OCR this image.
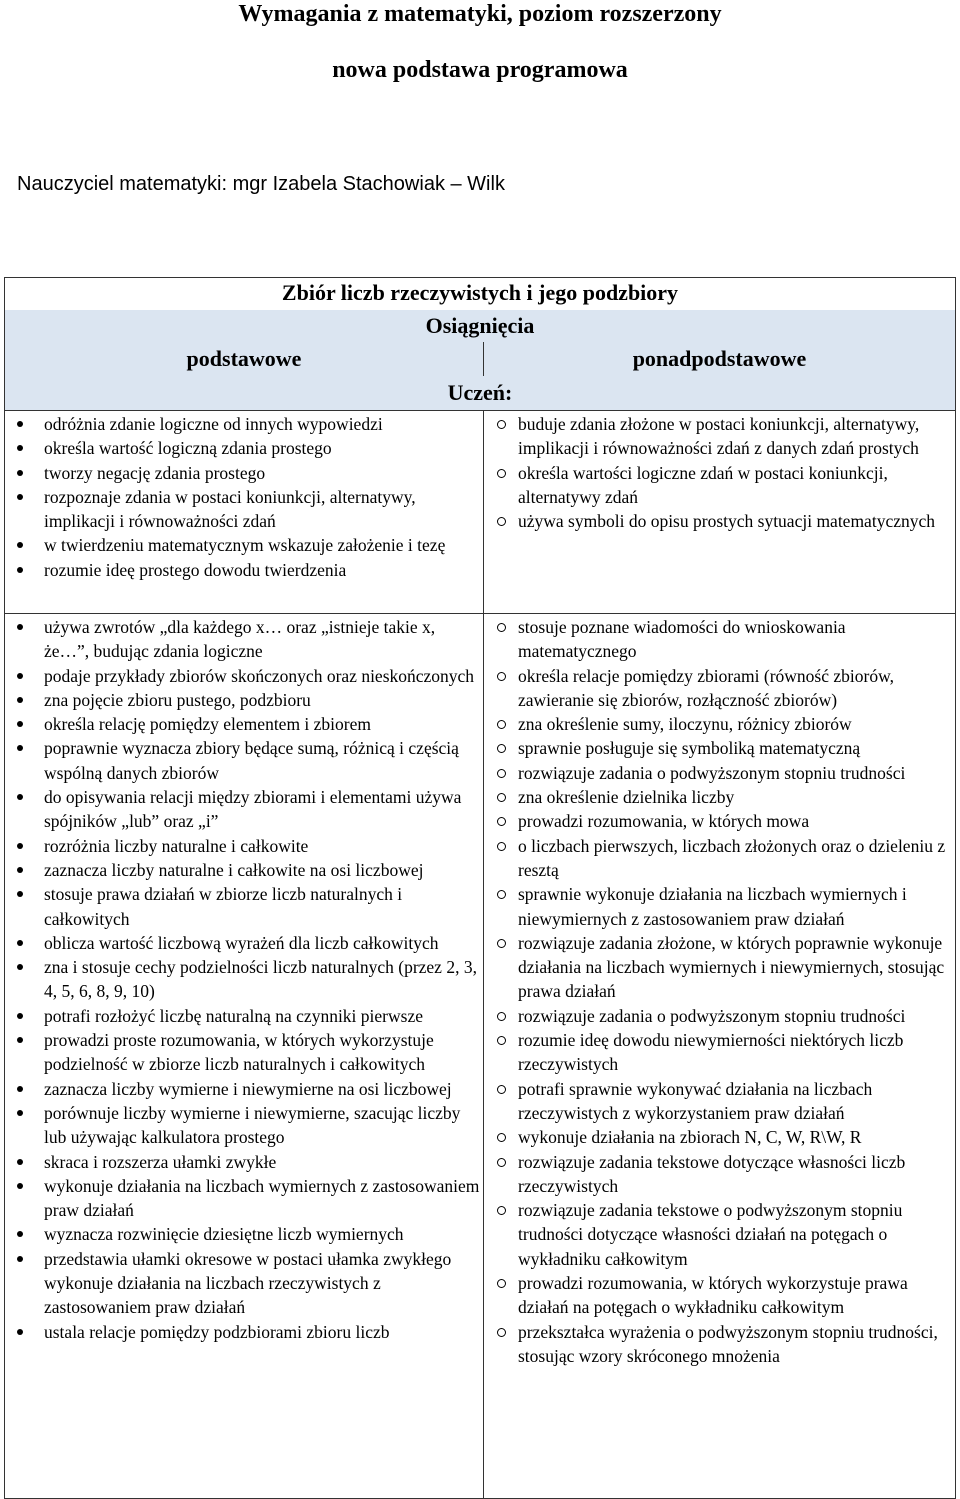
Wymagania z matematyki, poziom rozszerzony
nowa podstawa programowa
Nauczyciel matematyki: mgr Izabela Stachowiak – Wilk
Zbiór liczb rzeczywistych i jego podzbiory
Osiągnięcia
podstawowe	ponadpodstawowe
Uczeń:
odróżnia zdanie logiczne od innych wypowiedzi
określa wartość logiczną zdania prostego
tworzy negację zdania prostego
rozpoznaje zdania w postaci koniunkcji, alternatywy, implikacji i równoważności zdań
w twierdzeniu matematycznym wskazuje założenie i tezę
rozumie ideę prostego dowodu twierdzenia
buduje zdania złożone w postaci koniunkcji, alternatywy, implikacji i równoważności zdań z danych zdań prostych
określa wartości logiczne zdań w postaci koniunkcji, alternatywy zdań
używa symboli do opisu prostych sytuacji matematycznych
używa zwrotów „dla każdego x… oraz „istnieje takie x, że…”, budując zdania logiczne
podaje przykłady zbiorów skończonych oraz nieskończonych
zna pojęcie zbioru pustego, podzbioru
określa relację pomiędzy elementem i zbiorem
poprawnie wyznacza zbiory będące sumą, różnicą i częścią wspólną danych zbiorów
do opisywania relacji między zbiorami i elementami używa spójników „lub” oraz „i”
rozróżnia liczby naturalne i całkowite
zaznacza liczby naturalne i całkowite na osi liczbowej
stosuje prawa działań w zbiorze liczb naturalnych i całkowitych
oblicza wartość liczbową wyrażeń dla liczb całkowitych
zna i stosuje cechy podzielności liczb naturalnych (przez 2, 3, 4, 5, 6, 8, 9, 10)
potrafi rozłożyć liczbę naturalną na czynniki pierwsze
prowadzi proste rozumowania, w których wykorzystuje podzielność w zbiorze liczb naturalnych i całkowitych
zaznacza liczby wymierne i niewymierne na osi liczbowej
porównuje liczby wymierne i niewymierne, szacując liczby lub używając kalkulatora prostego
skraca i rozszerza ułamki zwykłe
wykonuje działania na liczbach wymiernych z zastosowaniem praw działań
wyznacza rozwinięcie dziesiętne liczb wymiernych
przedstawia ułamki okresowe w postaci ułamka zwykłego wykonuje działania na liczbach rzeczywistych z zastosowaniem praw działań
ustala relacje pomiędzy podzbiorami zbioru liczb
stosuje poznane wiadomości do wnioskowania matematycznego
określa relacje pomiędzy zbiorami (równość zbiorów, zawieranie się zbiorów, rozłączność zbiorów)
zna określenie sumy, iloczynu, różnicy zbiorów
sprawnie posługuje się symboliką matematyczną
rozwiązuje zadania o podwyższonym stopniu trudności
zna określenie dzielnika liczby
prowadzi rozumowania, w których mowa
o liczbach pierwszych, liczbach złożonych oraz o dzieleniu z resztą
sprawnie wykonuje działania na liczbach wymiernych i niewymiernych z zastosowaniem praw działań
rozwiązuje zadania złożone, w których poprawnie wykonuje działania na liczbach wymiernych i niewymiernych, stosując prawa działań
rozwiązuje zadania o podwyższonym stopniu trudności
rozumie ideę dowodu niewymierności niektórych liczb rzeczywistych
potrafi sprawnie wykonywać działania na liczbach rzeczywistych z wykorzystaniem praw działań
wykonuje działania na zbiorach N, C, W, R\W, R
rozwiązuje zadania tekstowe dotyczące własności liczb rzeczywistych
rozwiązuje zadania tekstowe o podwyższonym stopniu trudności dotyczące własności działań na potęgach o wykładniku całkowitym
prowadzi rozumowania, w których wykorzystuje prawa działań na potęgach o wykładniku całkowitym
przekształca wyrażenia o podwyższonym stopniu trudności, stosując wzory skróconego mnożenia
